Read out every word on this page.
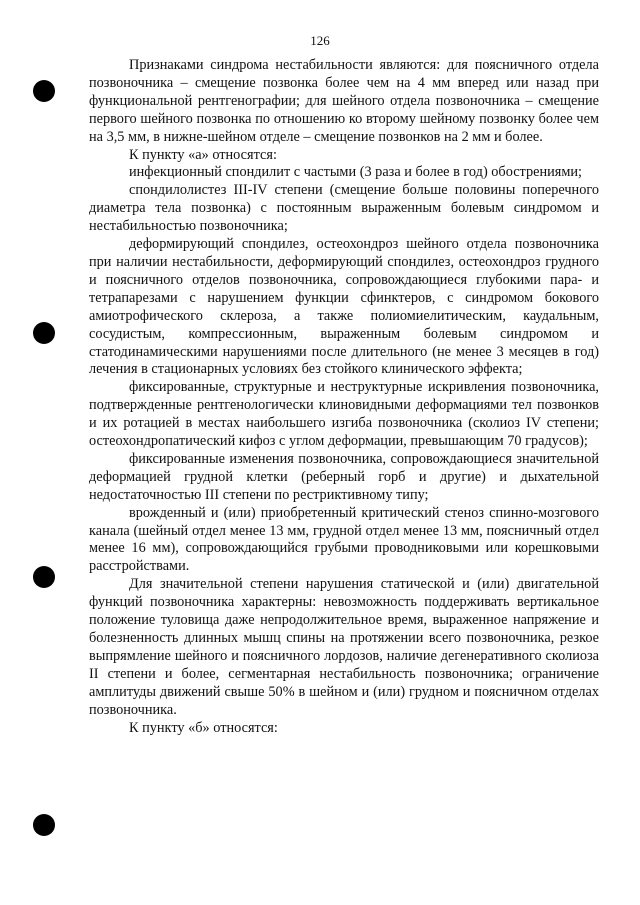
126

Признаками синдрома нестабильности являются: для поясничного отдела позвоночника – смещение позвонка более чем на 4 мм вперед или назад при функциональной рентгенографии; для шейного отдела позвоночника – смещение первого шейного позвонка по отношению ко второму шейному позвонку более чем на 3,5 мм, в нижне-шейном отделе – смещение позвонков на 2 мм и более.

К пункту «а» относятся:

инфекционный спондилит с частыми (3 раза и более в год) обострениями;

спондилолистез III-IV степени (смещение больше половины поперечного диаметра тела позвонка) с постоянным выраженным болевым синдромом и нестабильностью позвоночника;

деформирующий спондилез, остеохондроз шейного отдела позвоночника при наличии нестабильности, деформирующий спондилез, остеохондроз грудного и поясничного отделов позвоночника, сопровождающиеся глубокими пара- и тетрапарезами с нарушением функции сфинктеров, с синдромом бокового амиотрофического склероза, а также полиомиелитическим, каудальным, сосудистым, компрессионным, выраженным болевым синдромом и статодинамическими нарушениями после длительного (не менее 3 месяцев в год) лечения в стационарных условиях без стойкого клинического эффекта;

фиксированные, структурные и неструктурные искривления позвоночника, подтвержденные рентгенологически клиновидными деформациями тел позвонков и их ротацией в местах наибольшего изгиба позвоночника (сколиоз IV степени; остеохондропатический кифоз с углом деформации, превышающим 70 градусов);

фиксированные изменения позвоночника, сопровождающиеся значительной деформацией грудной клетки (реберный горб и другие) и дыхательной недостаточностью III степени по рестриктивному типу;

врожденный и (или) приобретенный критический стеноз спинно-мозгового канала (шейный отдел менее 13 мм, грудной отдел менее 13 мм, поясничный отдел менее 16 мм), сопровождающийся грубыми проводниковыми или корешковыми расстройствами.

Для значительной степени нарушения статической и (или) двигательной функций позвоночника характерны: невозможность поддерживать вертикальное положение туловища даже непродолжительное время, выраженное напряжение и болезненность длинных мышц спины на протяжении всего позвоночника, резкое выпрямление шейного и поясничного лордозов, наличие дегенеративного сколиоза II степени и более, сегментарная нестабильность позвоночника; ограничение амплитуды движений свыше 50% в шейном и (или) грудном и поясничном отделах позвоночника.

К пункту «б» относятся:
